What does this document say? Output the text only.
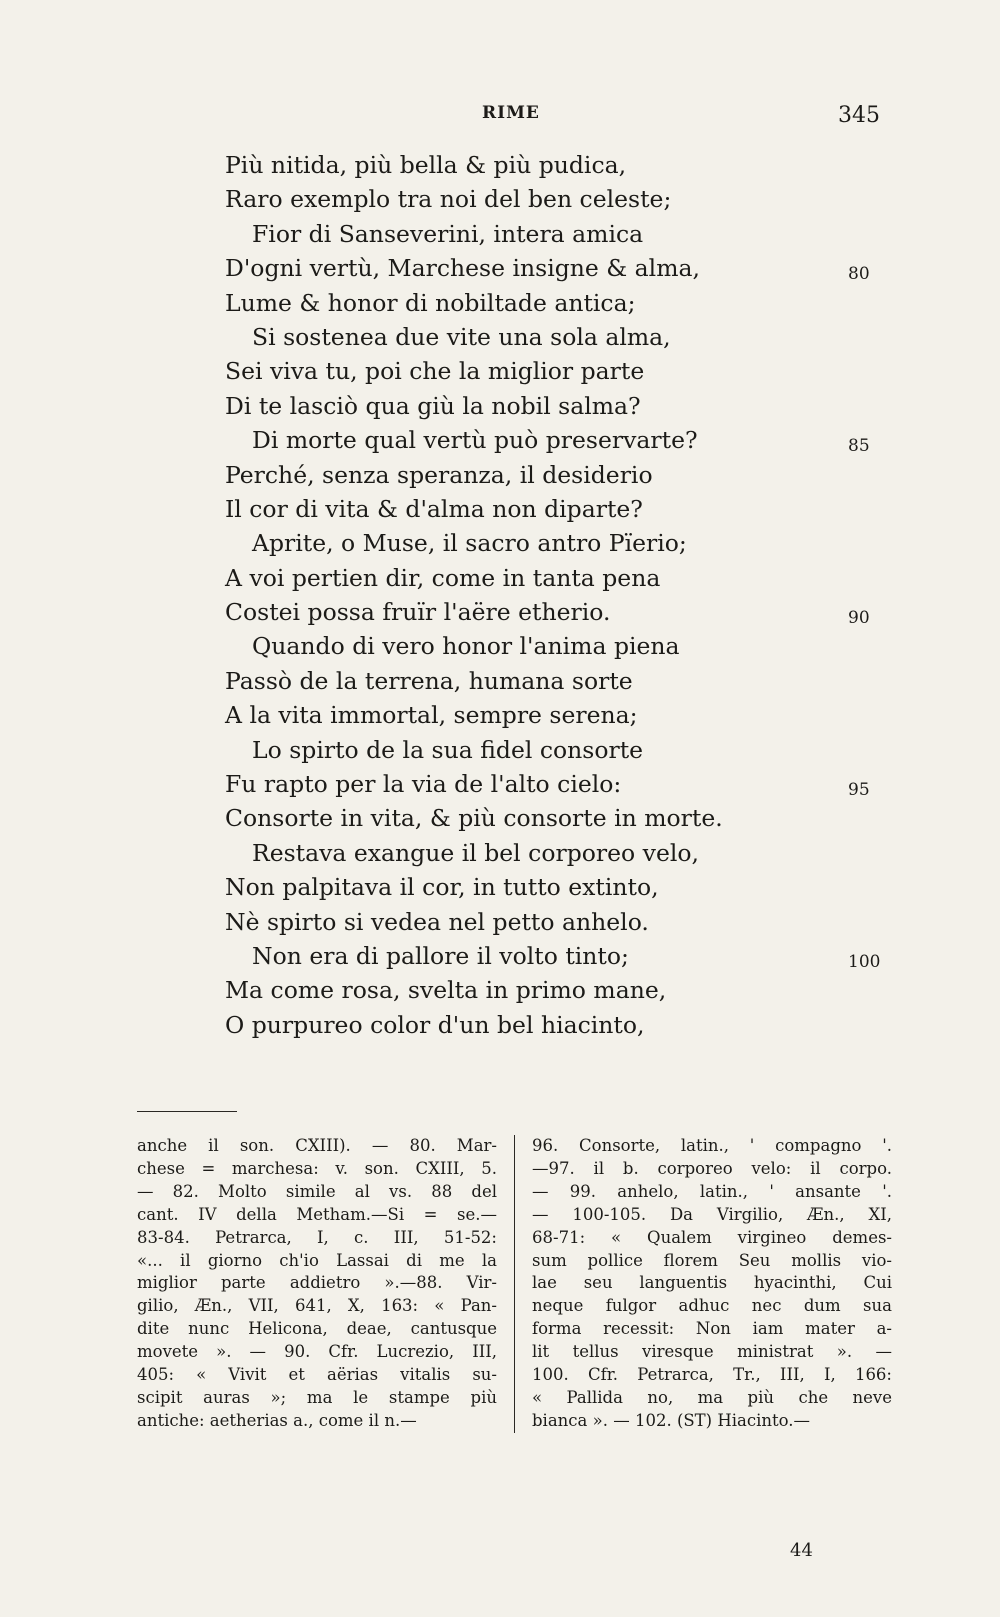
RIME	345
Più nitida, più bella & più pudica,
Raro exemplo tra noi del ben celeste;
Fior di Sanseverini, intera amica
D'ogni vertù, Marchese insigne & alma,	80
Lume & honor di nobiltade antica;
Si sostenea due vite una sola alma,
Sei viva tu, poi che la miglior parte
Di te lasciò qua giù la nobil salma?
Di morte qual vertù può preservarte?	85
Perché, senza speranza, il desiderio
Il cor di vita & d'alma non diparte?
Aprite, o Muse, il sacro antro Pïerio;
A voi pertien dir, come in tanta pena
Costei possa fruïr l'aëre etherio.	90
Quando di vero honor l'anima piena
Passò de la terrena, humana sorte
A la vita immortal, sempre serena;
Lo spirto de la sua fidel consorte
Fu rapto per la via de l'alto cielo:	95
Consorte in vita, & più consorte in morte.
Restava exangue il bel corporeo velo,
Non palpitava il cor, in tutto extinto,
Nè spirto si vedea nel petto anhelo.
Non era di pallore il volto tinto;	100
Ma come rosa, svelta in primo mane,
O purpureo color d'un bel hiacinto,
anche il son. CXIII). — 80. Mar-
chese = marchesa: v. son. CXIII, 5.
— 82. Molto simile al vs. 88 del
cant. IV della Metham.—Si = se.—
83-84. Petrarca, I, c. III, 51-52:
«... il giorno ch'io Lassai di me la
miglior parte addietro ».—88. Vir-
gilio, Æn., VII, 641, X, 163: « Pan-
dite nunc Helicona, deae, cantusque
movete ». — 90. Cfr. Lucrezio, III,
405: « Vivit et aërias vitalis su-
scipit auras »; ma le stampe più
antiche: aetherias a., come il n.—
96. Consorte, latin., ' compagno '.
—97. il b. corporeo velo: il corpo.
— 99. anhelo, latin., ' ansante '.
— 100-105. Da Virgilio, Æn., XI,
68-71: « Qualem virgineo demes-
sum pollice florem Seu mollis vio-
lae seu languentis hyacinthi, Cui
neque fulgor adhuc nec dum sua
forma recessit: Non iam mater a-
lit tellus viresque ministrat ». —
100. Cfr. Petrarca, Tr., III, I, 166:
« Pallida no, ma più che neve
bianca ». — 102. (ST) Hiacinto.—
44
